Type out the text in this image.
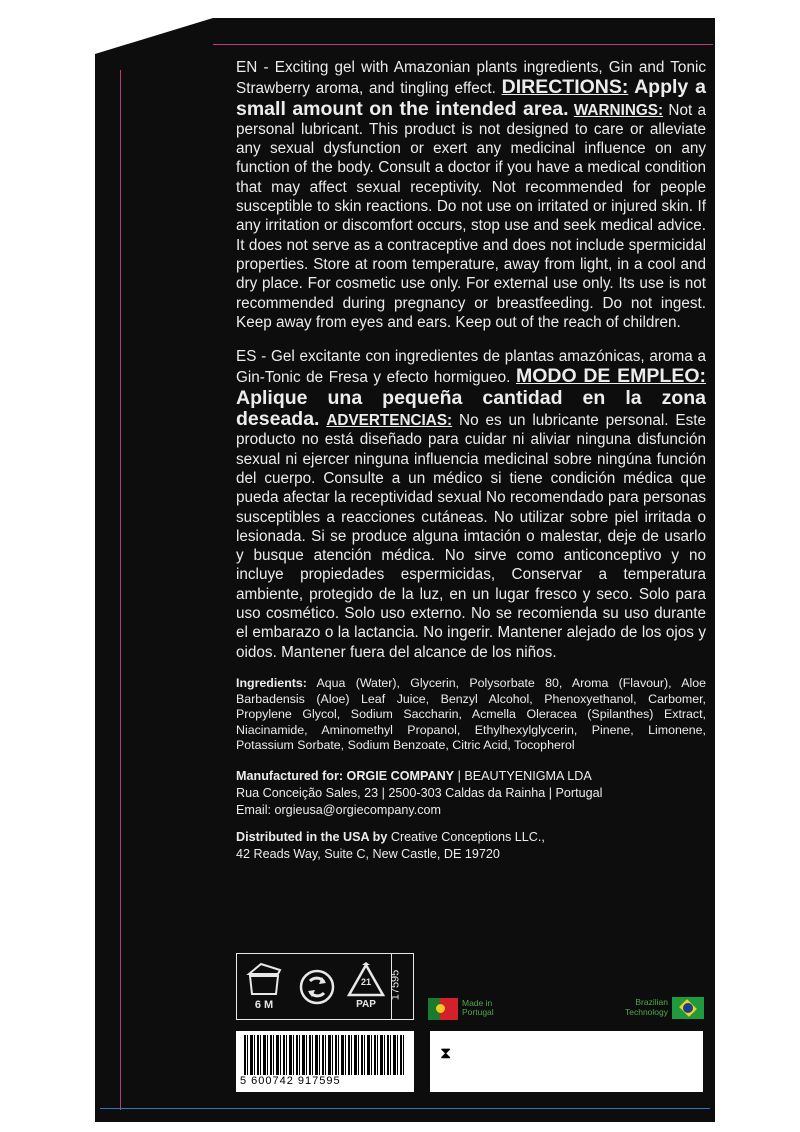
EN - Exciting gel with Amazonian plants ingredients, Gin and Tonic Strawberry aroma, and tingling effect. DIRECTIONS: Apply a small amount on the intended area. WARNINGS: Not a personal lubricant. This product is not designed to care or alleviate any sexual dysfunction or exert any medicinal influence on any function of the body. Consult a doctor if you have a medical condition that may affect sexual receptivity. Not recommended for people susceptible to skin reactions. Do not use on irritated or injured skin. If any irritation or discomfort occurs, stop use and seek medical advice. It does not serve as a contraceptive and does not include spermicidal properties. Store at room temperature, away from light, in a cool and dry place. For cosmetic use only. For external use only. Its use is not recommended during pregnancy or breastfeeding. Do not ingest. Keep away from eyes and ears. Keep out of the reach of children.

ES - Gel excitante con ingredientes de plantas amazónicas, aroma a Gin-Tonic de Fresa y efecto hormigueo. MODO DE EMPLEO: Aplique una pequeña cantidad en la zona deseada. ADVERTENCIAS: No es un lubricante personal. Este producto no está diseñado para cuidar ni aliviar ninguna disfunción sexual ni ejercer ninguna influencia medicinal sobre ningúna función del cuerpo. Consulte a un médico si tiene condición médica que pueda afectar la receptividad sexual No recomendado para personas susceptibles a reacciones cutáneas. No utilizar sobre piel irritada o lesionada. Si se produce alguna imtación o malestar, deje de usarlo y busque atención médica. No sirve como anticonceptivo y no incluye propiedades espermicidas, Conservar a temperatura ambiente, protegido de la luz, en un lugar fresco y seco. Solo para uso cosmético. Solo uso externo. No se recomienda su uso durante el embarazo o la lactancia. No ingerir. Mantener alejado de los ojos y oidos. Mantener fuera del alcance de los niños.

Ingredients: Aqua (Water), Glycerin, Polysorbate 80, Aroma (Flavour), Aloe Barbadensis (Aloe) Leaf Juice, Benzyl Alcohol, Phenoxyethanol, Carbomer, Propylene Glycol, Sodium Saccharin, Acmella Oleracea (Spilanthes) Extract, Niacinamide, Aminomethyl Propanol, Ethylhexylglycerin, Pinene, Limonene, Potassium Sorbate, Sodium Benzoate, Citric Acid, Tocopherol
Manufactured for: ORGIE COMPANY | BEAUTYENIGMA LDA
Rua Conceição Sales, 23 | 2500-303 Caldas da Rainha | Portugal
Email: orgieusa@orgiecompany.com
Distributed in the USA by Creative Conceptions LLC.,
42 Reads Way, Suite C, New Castle, DE 19720
6 M
21
PAP
17595
Made in Portugal
Brazilian Technology
5 600742 917595
⧗
